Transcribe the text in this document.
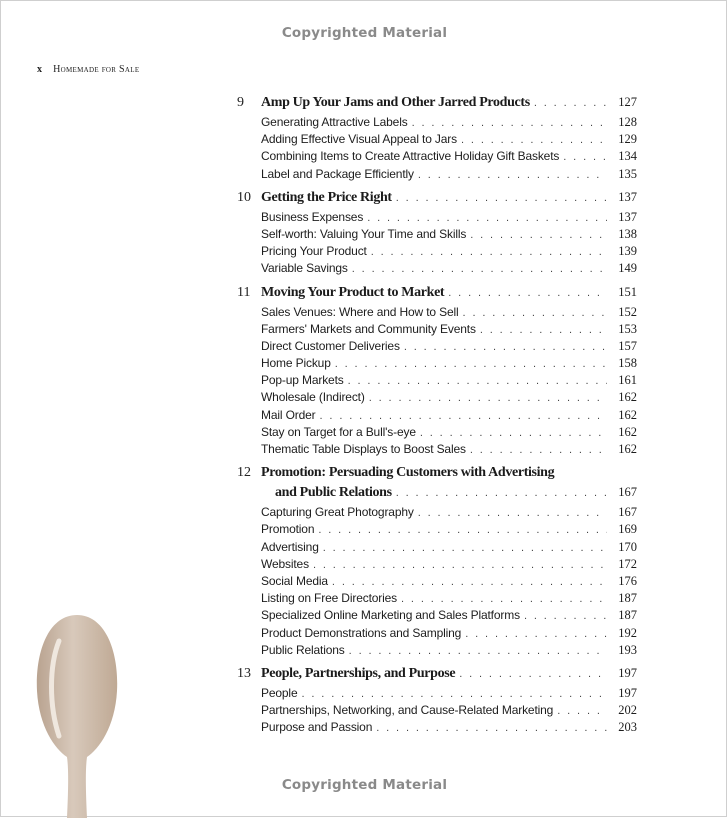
Copyrighted Material
x Homemade for Sale
9	Amp Up Your Jams and Other Jarred Products . . .	127
Generating Attractive Labels . . .	128
Adding Effective Visual Appeal to Jars . . .	129
Combining Items to Create Attractive Holiday Gift Baskets . . .	134
Label and Package Efficiently . . .	135
10 Getting the Price Right . . .	137
Business Expenses . . .	137
Self-worth: Valuing Your Time and Skills . . .	138
Pricing Your Product . . .	139
Variable Savings . . .	149
11 Moving Your Product to Market . . .	151
Sales Venues: Where and How to Sell . . .	152
Farmers' Markets and Community Events . . .	153
Direct Customer Deliveries . . .	157
Home Pickup . . .	158
Pop-up Markets . . .	161
Wholesale (Indirect) . . .	162
Mail Order . . .	162
Stay on Target for a Bull's-eye . . .	162
Thematic Table Displays to Boost Sales . . .	162
12 Promotion: Persuading Customers with Advertising
and Public Relations . . .	167
Capturing Great Photography . . .	167
Promotion . . .	169
Advertising . . .	170
Websites . . .	172
Social Media . . .	176
Listing on Free Directories . . .	187
Specialized Online Marketing and Sales Platforms . . .	187
Product Demonstrations and Sampling . . .	192
Public Relations . . .	193
13 People, Partnerships, and Purpose . . .	197
People . . .	197
Partnerships, Networking, and Cause-Related Marketing . . .	202
Purpose and Passion . . .	203
Copyrighted Material
